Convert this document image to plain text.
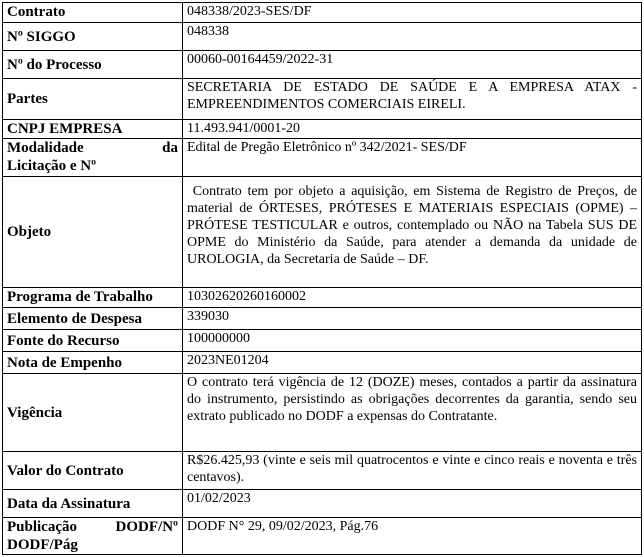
Contrato	048338/2023-SES/DF
Nº SIGGO	048338
Nº do Processo	00060-00164459/2022-31
Partes	SECRETARIA DE ESTADO DE SAÚDE E A EMPRESA ATAX - EMPREENDIMENTOS COMERCIAIS EIRELI.
CNPJ EMPRESA	11.493.941/0001-20

Modalidade da
Licitação e Nº	Edital de Pregão Eletrônico nº 342/2021- SES/DF
Objeto	Contrato tem por objeto a aquisição, em Sistema de Registro de Preços, de material de ÓRTESES, PRÓTESES E MATERIAIS ESPECIAIS (OPME) – PRÓTESE TESTICULAR e outros, contemplado ou NÃO na Tabela SUS DE OPME do Ministério da Saúde, para atender a demanda da unidade de UROLOGIA, da Secretaria de Saúde – DF.
Programa de Trabalho	10302620260160002
Elemento de Despesa	339030
Fonte do Recurso	100000000
Nota de Empenho	2023NE01204
Vigência	O contrato terá vigência de 12 (DOZE) meses, contados a partir da assinatura do instrumento, persistindo as obrigações decorrentes da garantia, sendo seu extrato publicado no DODF a expensas do Contratante.
Valor do Contrato	R$26.425,93 (vinte e seis mil quatrocentos e vinte e cinco reais e noventa e três centavos).
Data da Assinatura	01/02/2023

Publicação DODF/Nº
DODF/Pág	DODF N° 29, 09/02/2023, Pág.76
